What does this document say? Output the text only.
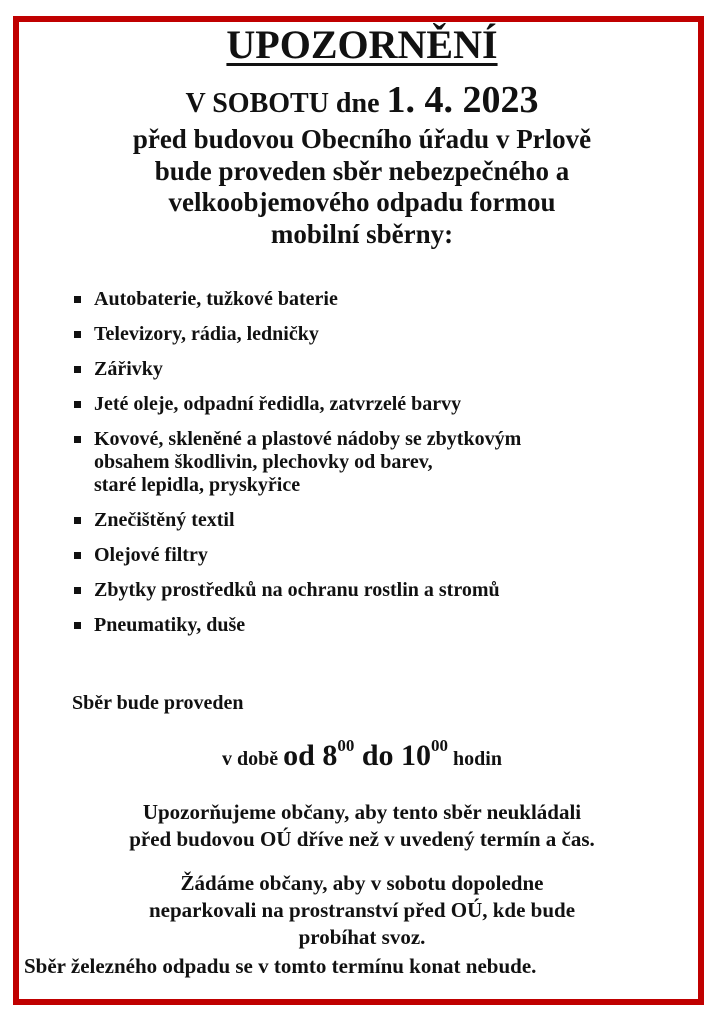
UPOZORNĚNÍ
V SOBOTU dne 1. 4. 2023
před budovou Obecního úřadu v Prlově
bude proveden sběr nebezpečného a
velkoobjemového odpadu formou
mobilní sběrny:
Autobaterie, tužkové baterie
Televizory, rádia, ledničky
Zářivky
Jeté oleje, odpadní ředidla, zatvrzelé barvy
Kovové, skleněné a plastové nádoby se zbytkovým
obsahem škodlivin, plechovky od barev,
staré lepidla, pryskyřice
Znečištěný textil
Olejové filtry
Zbytky prostředků na ochranu rostlin a stromů
Pneumatiky, duše
Sběr bude proveden
v době od $8^{00}$ do $10^{00}$ hodin
Upozorňujeme občany, aby tento sběr neukládali
před budovou OÚ dříve než v uvedený termín a čas.
Žádáme občany, aby v sobotu dopoledne
neparkovali na prostranství před OÚ, kde bude
probíhat svoz.
Sběr železného odpadu se v tomto termínu konat nebude.
